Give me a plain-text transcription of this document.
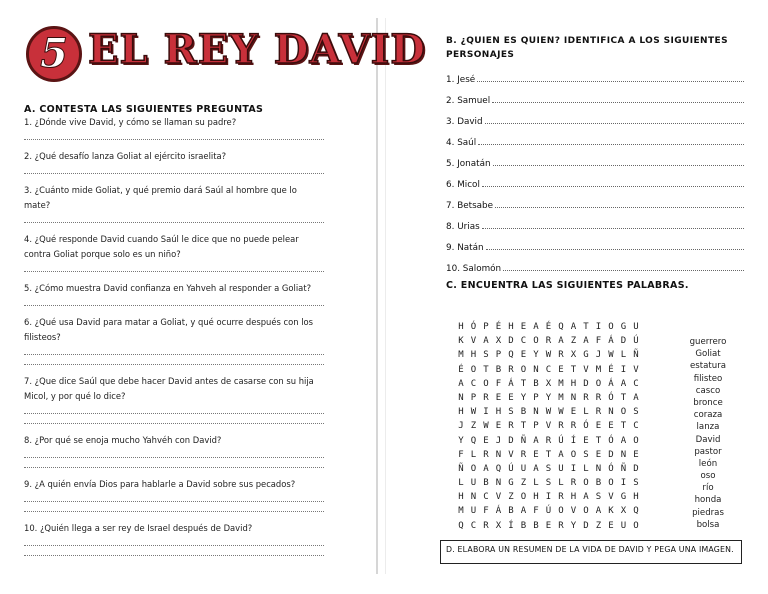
5 EL REY DAVID
A. CONTESTA LAS SIGUIENTES PREGUNTAS
1. ¿Dónde vive David, y cómo se llaman su padre?
2. ¿Qué desafío lanza Goliat al ejército israelita?
3. ¿Cuánto mide Goliat, y qué premio dará Saúl al hombre que lo mate?
4. ¿Qué responde David cuando Saúl le dice que no puede pelear contra Goliat porque solo es un niño?
5. ¿Cómo muestra David confianza en Yahveh al responder a Goliat?
6. ¿Qué usa David para matar a Goliat, y qué ocurre después con los filisteos?
7. ¿Que dice Saúl que debe hacer David antes de casarse con su hija Micol, y por qué lo dice?
8. ¿Por qué se enoja mucho Yahvéh con David?
9. ¿A quién envía Dios para hablarle a David sobre sus pecados?
10. ¿Quién llega a ser rey de Israel después de David?
B. ¿QUIEN ES QUIEN? IDENTIFICA A LOS SIGUIENTES PERSONAJES
1. Jesé
2. Samuel
3. David
4. Saúl
5. Jonatán
6. Micol
7. Betsabe
8. Urias
9. Natán
10. Salomón
C. ENCUENTRA LAS SIGUIENTES PALABRAS.
H Ó P É H E A É Q A T I O G U
K V A X D C O R A Z A F Á D Ú
M H S P Q E Y W R X G J W L Ñ
É O T B R O N C E T V M É I V
A C O F Á T B X M H D O Á A C
N P R E E Y P Y M N R R Ó T A
H W I H S B N W W E L R N O S
J Z W E R T P V R R Ó E E T C
Y Q E J D Ñ A R Ú Í E T Ó A O
F L R N V R E T A O S E D N E
Ñ O A Q Ú U A S U I L N Ó Ñ D
L U B N G Z L S L R O B O I S
H N C V Z O H I R H A S V G H
M U F Á B A F Ú O V O A K X Q
Q C R X Í B B E R Y D Z E U O
guerrero
Goliat
estatura
filisteo
casco
bronce
coraza
lanza
David
pastor
león
oso
río
honda
piedras
bolsa
D. ELABORA UN RESUMEN DE LA VIDA DE DAVID Y PEGA UNA IMAGEN.
